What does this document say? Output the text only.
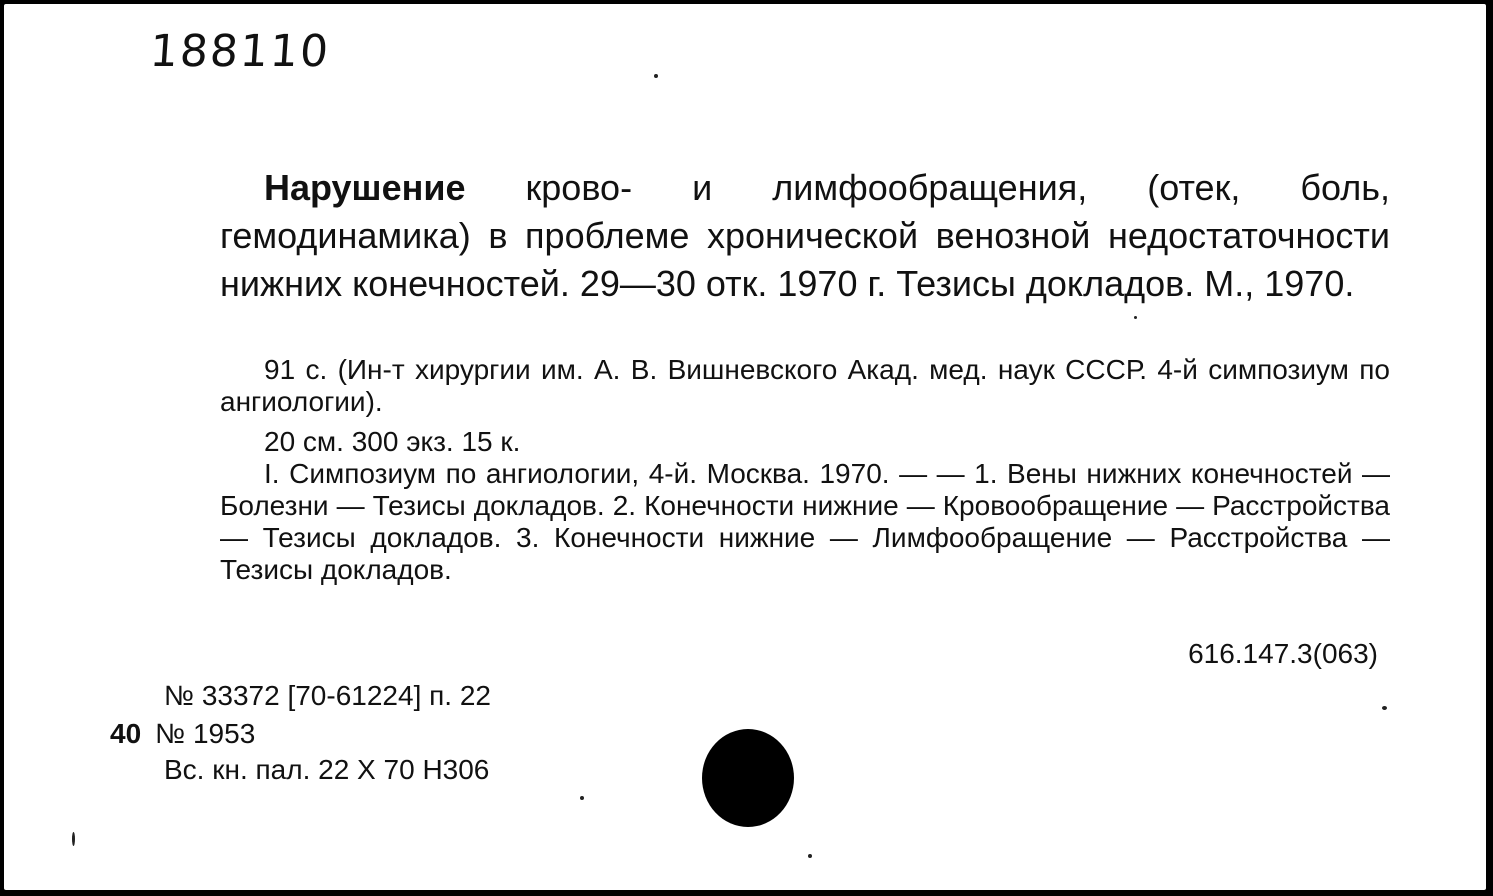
188110
Нарушение крово- и лимфообращения, (отек, боль, гемодинамика) в проблеме хронической венозной недостаточности нижних конечностей. 29—30 отк. 1970 г. Тезисы докладов. М., 1970.
91 с. (Ин-т хирургии им. А. В. Вишневского Акад. мед. наук СССР. 4-й симпозиум по ангиологии).
20 см. 300 экз. 15 к.
I. Симпозиум по ангиологии, 4-й. Москва. 1970. — — 1. Вены нижних конечностей — Болезни — Тезисы докладов. 2. Конечности нижние — Кровообращение — Расстройства — Тезисы докладов. 3. Конечности нижние — Лимфообращение — Расстройства — Тезисы докладов.
616.147.3(063)
№ 33372 [70-61224] п. 22
40 № 1953
Вс. кн. пал. 22 X 70 Н306
